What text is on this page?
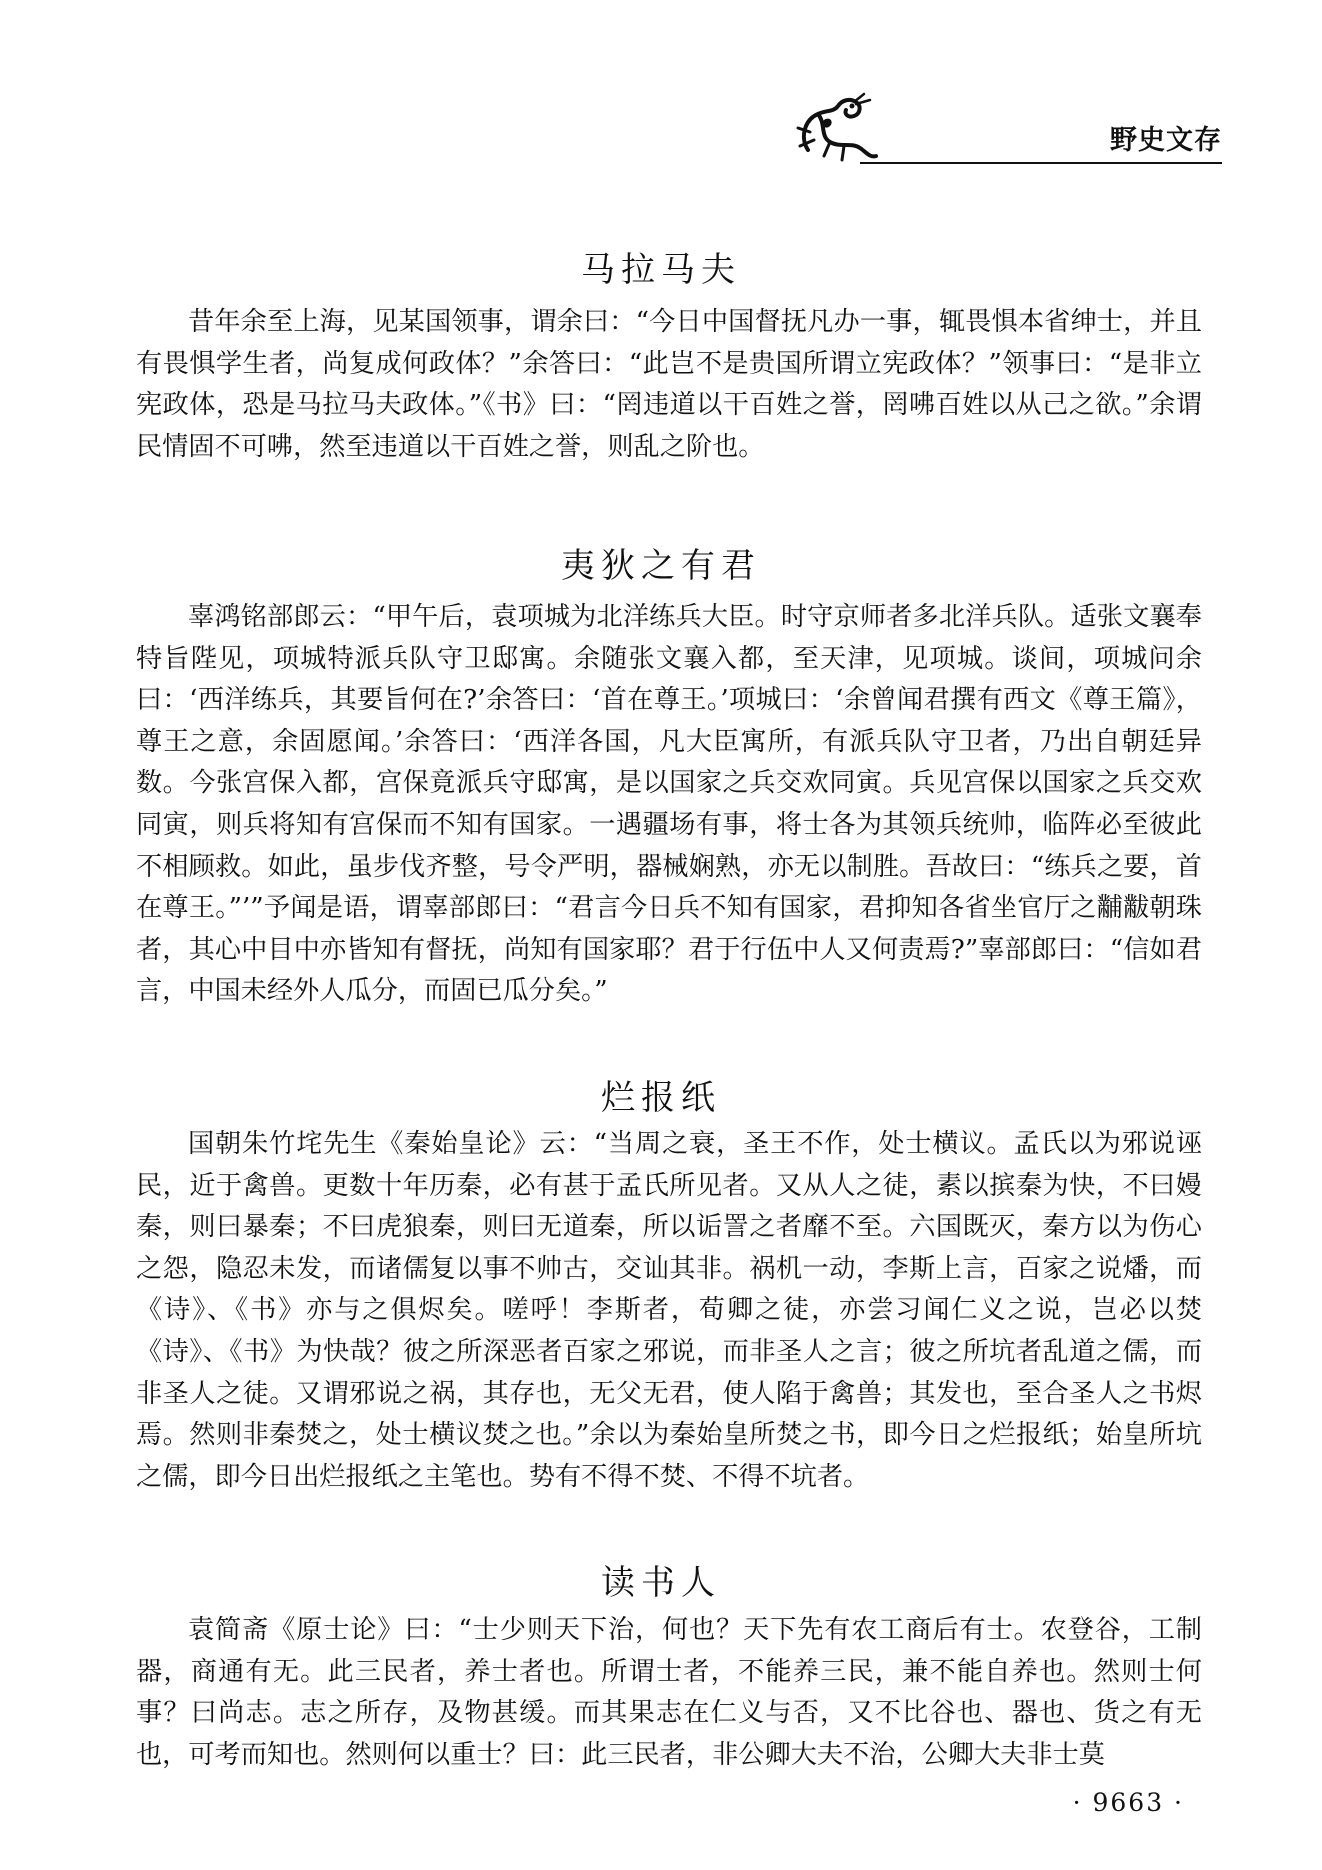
野史文存
马拉马夫

昔年余至上海，见某国领事，谓余曰：“今日中国督抚凡办一事，辄畏惧本省绅士，并且有畏惧学生者，尚复成何政体？”余答曰：“此岂不是贵国所谓立宪政体？”领事曰：“是非立宪政体，恐是马拉马夫政体。”《书》曰：“罔违道以干百姓之誉，罔咈百姓以从己之欲。”余谓民情固不可咈，然至违道以干百姓之誉，则乱之阶也。

夷狄之有君

辜鸿铭部郎云：“甲午后，袁项城为北洋练兵大臣。时守京师者多北洋兵队。适张文襄奉特旨陛见，项城特派兵队守卫邸寓。余随张文襄入都，至天津，见项城。谈间，项城问余曰：‘西洋练兵，其要旨何在?’余答曰：‘首在尊王。’项城曰：‘余曾闻君撰有西文《尊王篇》，尊王之意，余固愿闻。’余答曰：‘西洋各国，凡大臣寓所，有派兵队守卫者，乃出自朝廷异数。今张宫保入都，宫保竟派兵守邸寓，是以国家之兵交欢同寅。兵见宫保以国家之兵交欢同寅，则兵将知有宫保而不知有国家。一遇疆场有事，将士各为其领兵统帅，临阵必至彼此不相顾救。如此，虽步伐齐整，号令严明，器械娴熟，亦无以制胜。吾故曰：“练兵之要，首在尊王。”’”予闻是语，谓辜部郎曰：“君言今日兵不知有国家，君抑知各省坐官厅之黼黻朝珠者，其心中目中亦皆知有督抚，尚知有国家耶？君于行伍中人又何责焉?”辜部郎曰：“信如君言，中国未经外人瓜分，而固已瓜分矣。”

烂报纸

国朝朱竹垞先生《秦始皇论》云：“当周之衰，圣王不作，处士横议。孟氏以为邪说诬民，近于禽兽。更数十年历秦，必有甚于孟氏所见者。又从人之徒，素以摈秦为快，不曰嫚秦，则曰暴秦；不曰虎狼秦，则曰无道秦，所以诟詈之者靡不至。六国既灭，秦方以为伤心之怨，隐忍未发，而诸儒复以事不帅古，交讪其非。祸机一动，李斯上言，百家之说燔，而《诗》、《书》亦与之俱烬矣。嗟呼！李斯者，荀卿之徒，亦尝习闻仁义之说，岂必以焚《诗》、《书》为快哉？彼之所深恶者百家之邪说，而非圣人之言；彼之所坑者乱道之儒，而非圣人之徒。又谓邪说之祸，其存也，无父无君，使人陷于禽兽；其发也，至合圣人之书烬焉。然则非秦焚之，处士横议焚之也。”余以为秦始皇所焚之书，即今日之烂报纸；始皇所坑之儒，即今日出烂报纸之主笔也。势有不得不焚、不得不坑者。

读书人

袁简斋《原士论》曰：“士少则天下治，何也？天下先有农工商后有士。农登谷，工制器，商通有无。此三民者，养士者也。所谓士者，不能养三民，兼不能自养也。然则士何事？曰尚志。志之所存，及物甚缓。而其果志在仁义与否，又不比谷也、器也、货之有无也，可考而知也。然则何以重士？曰：此三民者，非公卿大夫不治，公卿大夫非士莫

· 9663 ·
